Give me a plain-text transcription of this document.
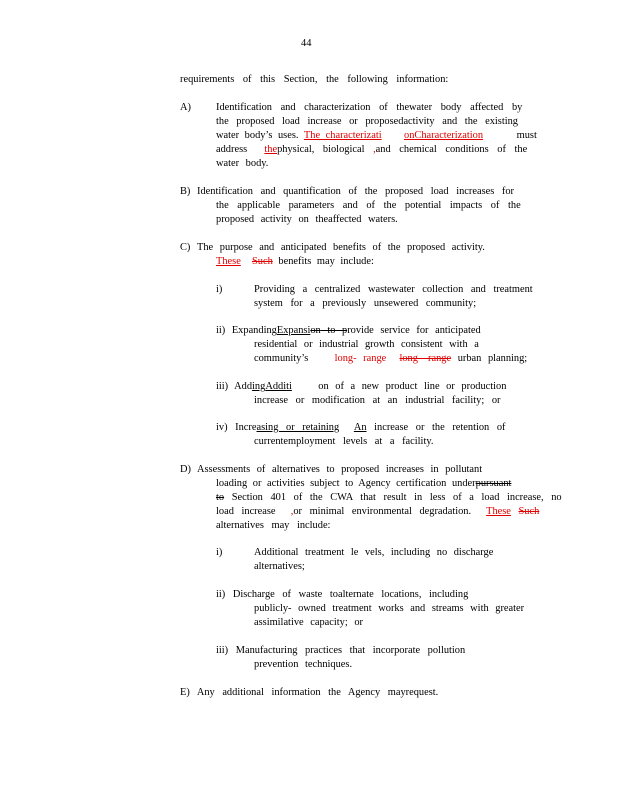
44
requirements of this Section, the following information:
A) Identification and characterization of thewater body affected by
the proposed load increase or proposedactivity and the existing
water body’s uses. The characterizati onCharacterization	must
address thephysical, biological ,and chemical conditions of the
water body.
B) Identification and quantification of the proposed load increases for
the applicable parameters and of the potential impacts of the
proposed activity on theaffected waters.
C) The purpose and anticipated benefits of the proposed activity.
These Such benefits may include:
i)	Providing a centralized wastewater collection and treatment
system for a previously unsewered community;
ii) ExpandingExpansion to provide service for anticipated
residential or industrial growth consistent with a
community’s	long- range long- range urban planning;
iii) AddingAdditi	on of a new product line or production
increase or modification at an industrial facility; or
iv) Increasing or retaining An increase or the retention of
currentemployment levels at a facility.
D) Assessments of alternatives to proposed increases in pollutant
loading or activities subject to Agency certification underpursuant
to Section 401 of the CWA that result in less of a load increase, no
load increase ,or minimal environmental degradation. These Such
alternatives may include:
i)	Additional treatment le vels, including no discharge
alternatives;
ii) Discharge of waste toalternate locations, including
publicly- owned treatment works and streams with greater
assimilative capacity; or
iii) Manufacturing practices that incorporate pollution
prevention techniques.
E) Any additional information the Agency mayrequest.
